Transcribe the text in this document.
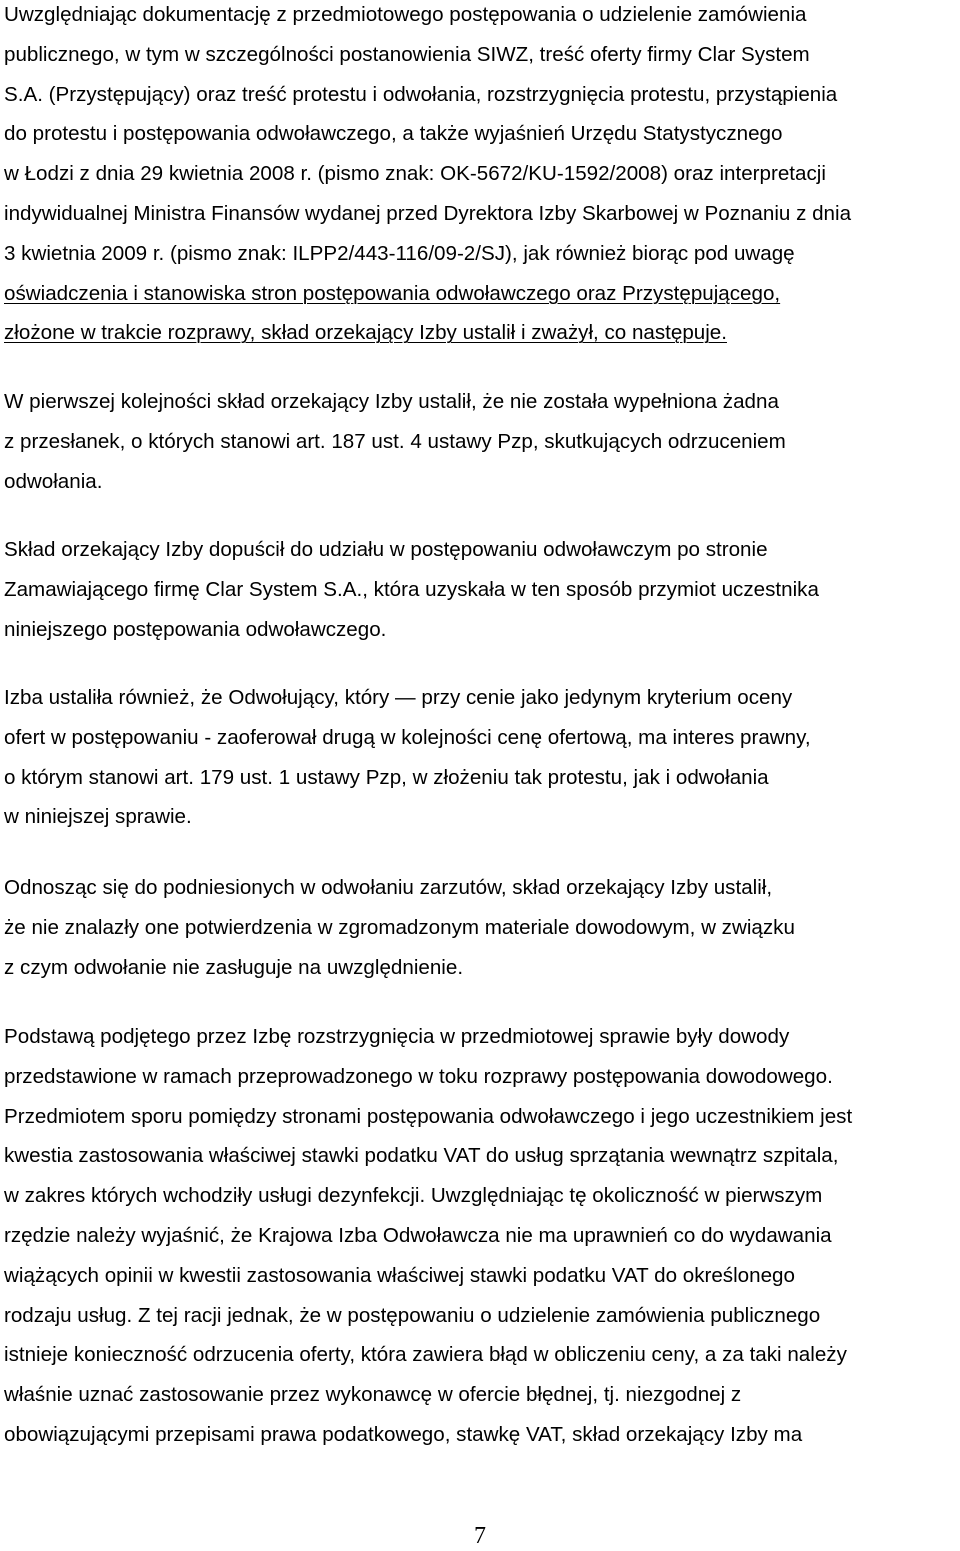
Uwzględniając dokumentację z przedmiotowego postępowania o udzielenie zamówienia
publicznego, w tym w szczególności postanowienia SIWZ, treść oferty firmy Clar System
S.A. (Przystępujący) oraz treść protestu i odwołania, rozstrzygnięcia protestu, przystąpienia
do protestu i postępowania odwoławczego, a także wyjaśnień Urzędu Statystycznego
w Łodzi z dnia 29 kwietnia 2008 r. (pismo znak: OK-5672/KU-1592/2008) oraz interpretacji
indywidualnej Ministra Finansów wydanej przed Dyrektora Izby Skarbowej w Poznaniu z dnia
3 kwietnia 2009 r. (pismo znak: ILPP2/443-116/09-2/SJ), jak również biorąc pod uwagę
oświadczenia i stanowiska stron postępowania odwoławczego oraz Przystępującego,
złożone w trakcie rozprawy, skład orzekający Izby ustalił i zważył, co następuje.
W pierwszej kolejności skład orzekający Izby ustalił, że nie została wypełniona żadna
z przesłanek, o których stanowi art. 187 ust. 4 ustawy Pzp, skutkujących odrzuceniem
odwołania.
Skład orzekający Izby dopuścił do udziału w postępowaniu odwoławczym po stronie
Zamawiającego firmę Clar System S.A., która uzyskała w ten sposób przymiot uczestnika
niniejszego postępowania odwoławczego.
Izba ustaliła również, że Odwołujący, który — przy cenie jako jedynym kryterium oceny
ofert w postępowaniu - zaoferował drugą w kolejności cenę ofertową, ma interes prawny,
o którym stanowi art. 179 ust. 1 ustawy Pzp, w złożeniu tak protestu, jak i odwołania
w niniejszej sprawie.
Odnosząc się do podniesionych w odwołaniu zarzutów, skład orzekający Izby ustalił,
że nie znalazły one potwierdzenia w zgromadzonym materiale dowodowym, w związku
z czym odwołanie nie zasługuje na uwzględnienie.
Podstawą podjętego przez Izbę rozstrzygnięcia w przedmiotowej sprawie były dowody
przedstawione w ramach przeprowadzonego w toku rozprawy postępowania dowodowego.
Przedmiotem sporu pomiędzy stronami postępowania odwoławczego i jego uczestnikiem jest
kwestia zastosowania właściwej stawki podatku VAT do usług sprzątania wewnątrz szpitala,
w zakres których wchodziły usługi dezynfekcji. Uwzględniając tę okoliczność w pierwszym
rzędzie należy wyjaśnić, że Krajowa Izba Odwoławcza nie ma uprawnień co do wydawania
wiążących opinii w kwestii zastosowania właściwej stawki podatku VAT do określonego
rodzaju usług. Z tej racji jednak, że w postępowaniu o udzielenie zamówienia publicznego
istnieje konieczność odrzucenia oferty, która zawiera błąd w obliczeniu ceny, a za taki należy
właśnie uznać zastosowanie przez wykonawcę w ofercie błędnej, tj. niezgodnej z
obowiązującymi przepisami prawa podatkowego, stawkę VAT, skład orzekający Izby ma
7
